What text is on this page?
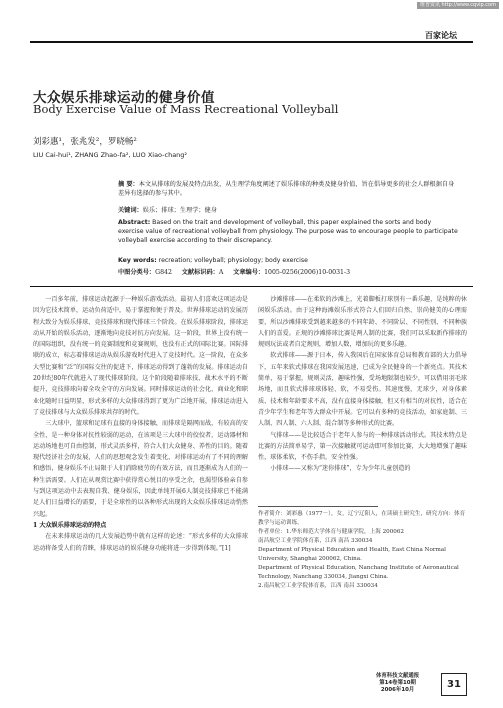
维普资讯 http://www.cqvip.com
百家论坛
大众娱乐排球运动的健身价值
Body Exercise Value of Mass Recreational Volleyball
刘彩惠¹，张兆发²，罗晓畅²
LIU Cai-hui¹, ZHANG Zhao-fa², LUO Xiao-chang²
摘 要：本文从排球的发展及特点出发，从生理学角度阐述了娱乐排球的种类及健身价值，旨在倡导更多的社会人群根据自身差异有选择的参与其中。
关键词：娱乐；排球；生理学；健身
Abstract: Based on the trait and development of volleyball, this paper explained the sorts and body exercise value of recreational volleyball from physiology. The purpose was to encourage people to participate volleyball exercise according to their discrepancy.
Key words: recreation; volleyball; physiology; body exercise
中图分类号：G842 文献标识码：A 文章编号：1005-0256(2006)10-0031-3

一百多年前，排球运动起源于一种娱乐游戏活动。最初人们喜欢这项运动是因为它技术简单，运动负荷适中，易于掌握和便于普及。世界排球运动的发展历程大致分为娱乐排球、竞技排球和现代排球三个阶段。在娱乐排球阶段，排球运动从开始的娱乐活动，逐渐地向竞技对抗方向发展。这一阶段，世界上没有统一的国际组织，没有统一的竞赛制度和竞赛规则，也没有正式的国际比赛。国际排联的成立，标志着排球运动从娱乐游戏时代进入了竞技时代。这一阶段，在众多大型比赛和“泛”的国际交往的促进下，排球运动得到了蓬勃的发展。排球运动自20世纪80年代就进入了现代排球阶段。这个阶段随着排球技、战术水平的不断提升，竞技排球向着全攻全守的方向发展。同时排球运动的社会化、商业化和职业化随时日益明显，形式多样的大众排球得到了更为广泛地开展，排球运动进入了竞技排球与大众娱乐排球共存的时代。

三大球中，篮球和足球有直接的身体接触，而排球是隔网而战，有较高的安全性，是一种身体对抗性较弱的运动，在该项是三大球中的佼佼者，运动器材和运动场地也可自由控制，形式灵活多样，符合人们大众健身、养性的目的。随着现代经济社会的发展，人们的思想观念发生着变化，对排球运动有了不同的理解和感悟，健身娱乐不止局限于人们消除疲劳的有效方法，而且逐渐成为人们的一种生活需要。人们在从观赏比赛中获得赏心悦目的享受之余，也渴望体验亲自参与到这项运动中去表现自我、健身娱乐，因此单纯开展6人制竞技排球已不能满足人们日益增长的需要，于是全球性的以各种形式出现的大众娱乐排球运动悄然兴起。

1 大众娱乐排球运动的特点

在未来排球运动的几大发展趋势中就有这样的论述：“形式多样的大众排球运动将备受人们的青睐，排球运动的娱乐健身功能将进一步得到体现。”[1]

沙滩排球——在柔软的沙滩上，光着脚板打球别有一番乐趣，是纯粹的休闲娱乐活动。由于这种海滩娱乐形式符合人们回归自然、崇尚健美的心理需要，所以沙滩排球受到越来越多的不同年龄、不同阶层、不同性别、不同种族人们的喜爱。正规的沙滩排球比赛是两人制的比赛，我们可以采取新作排球的规则玩法或者自定规则，增加人数，增加玩的更多乐趣。

软式排球——源于日本，传入我国后在国家体育总局和教育部的大力倡导下，五年来软式排球在我国发展迅速，已成为全民健身的一个新亮点。其技术简单，易于掌握，规则灵活，趣味性强，受场地限制也较少，可以借用羽毛球场地，而且软式排球球体轻、软，不易受伤。其速度慢，无球少，对身体素质、技术和年龄要求不高，没有直接身体接触，但又有相当的对抗性，适合在青少年学生和老年等大群众中开展。它可以有多种的竞技活动，如家庭制、三人制、四人制、六人制、混合制等多种形式的比赛。

气排球——是比较适合于老年人参与的一种排球活动形式。其技术特点是比赛的方法简单易学，第一次接触就可运动即可参加比赛，大大地增强了趣味性，球体柔软，不伤手指，安全性强。

小排球——又称为“迷你排球”，专为少年儿童创造的

作者简介：刘彩惠（1977－），女，辽宁辽阳人，在读硕士研究生，研究方向：体育教学与运动训练。

作者单位：1.华东师范大学体育与健康学院，上海 200062

南昌航空工业学院体育系，江西 南昌 330034

Department of Physical Education and Health, East China Normal University, Shanghai 200062, China.

Department of Physical Education, Nanchang Institute of Aeronautical Technology, Nanchang 330034, Jiangxi China.

2.南昌航空工业学院体育系，江西 南昌 330034

体育科技文献通报
第14卷第10期
2006年10月
31
